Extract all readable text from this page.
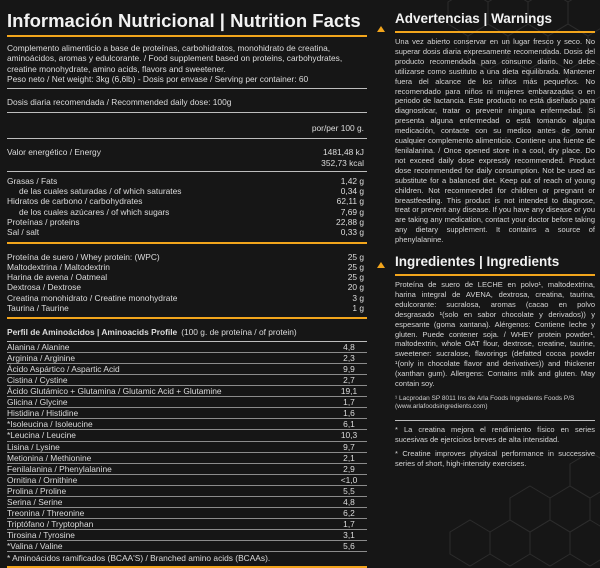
Información Nutricional | Nutrition Facts
Complemento alimenticio a base de proteínas, carbohidratos, monohidrato de creatina, aminoácidos, aromas y edulcorante. / Food supplement based on proteins, carbohydrates, creatine monohydrate, amino acids, flavors and sweetener.
Peso neto / Net weight: 3kg (6,6lb) - Dosis por envase / Serving per container: 60
Dosis diaria recomendada / Recommended daily dose: 100g
por/per 100 g.
Valor energético / Energy	1481,48 kJ
352,73 kcal
Grasas / Fats	1,42 g
de las cuales saturadas / of which saturates	0,34 g
Hidratos de carbono / carbohydrates	62,11 g
de los cuales azúcares / of which sugars	7,69 g
Proteínas / proteins	22,88 g
Sal / salt	0,33 g
Proteína de suero / Whey protein: (WPC)	25 g
Maltodextrina / Maltodextrin	25 g
Harina de avena / Oatmeal	25 g
Dextrosa / Dextrose	20 g
Creatina monohidrato / Creatine monohydrate	3 g
Taurina / Taurine	1 g
Perfil de Aminoácidos | Aminoacids Profile (100 g. de proteína / of protein)
Alanina / Alanine	4,8
Arginina / Arginine	2,3
Ácido Aspártico / Aspartic Acid	9,9
Cistina / Cystine	2,7
Ácido Glutámico + Glutamina / Glutamic Acid + Glutamine	19,1
Glicina / Glycine	1,7
Histidina / Histidine	1,6
*Isoleucina / Isoleucine	6,1
*Leucina / Leucine	10,3
Lisina / Lysine	9,7
Metionina / Methionine	2,1
Fenilalanina / Phenylalanine	2,9
Ornitina / Ornithine	<1,0
Prolina / Proline	5,5
Serina / Serine	4,8
Treonina / Threonine	6,2
Triptófano / Tryptophan	1,7
Tirosina / Tyrosine	3,1
*Valina / Valine	5,6
* Aminoácidos ramificados (BCAA'S) / Branched amino acids (BCAAs).
Advertencias | Warnings
Una vez abierto conservar en un lugar fresco y seco. No superar dosis diaria expresamente recomendada. Dosis del producto recomendada para consumo diario. No debe utilizarse como sustituto a una dieta equilibrada. Mantener fuera del alcance de los niños más pequeños. No recomendado para niños ni mujeres embarazadas o en periodo de lactancia. Este producto no está diseñado para diagnosticar, tratar o prevenir ninguna enfermedad. Si presenta alguna enfermedad o está tomando alguna medicación, contacte con su medico antes de tomar cualquier complemento alimenticio. Contiene una fuente de fenilalanina. / Once opened store in a cool, dry place. Do not exceed daily dose expressly recommended. Product dose recommended for daily consumption. Not be used as substitute for a balanced diet. Keep out of reach of young children. Not recommended for children or pregnant or breastfeeding. This product is not intended to diagnose, treat or prevent any disease. If you have any disease or you are taking any medication, contact your doctor before taking any dietary supplement. It contains a source of phenylalanine.
Ingredientes | Ingredients
Proteína de suero de LECHE en polvo¹, maltodextrina, harina integral de AVENA, dextrosa, creatina, taurina, edulcorante: sucralosa, aromas (cacao en polvo desgrasado ¹(solo en sabor chocolate y derivados)) y espesante (goma xantana). Alérgenos: Contiene leche y gluten. Puede contener soja. / WHEY protein powder¹, maltodextrin, whole OAT flour, dextrose, creatine, taurine, sweetener: sucralose, flavorings (defatted cocoa powder ¹(only in chocolate flavor and derivatives)) and thickener (xanthan gum). Allergens: Contains milk and gluten. May contain soy.
¹ Lacprodan SP 8011 Ins de Arla Foods Ingredients Foods P/S (www.arlafoodsingredients.com)
* La creatina mejora el rendimiento físico en series sucesivas de ejercicios breves de alta intensidad.
* Creatine improves physical performance in successive series of short, high-intensity exercises.
